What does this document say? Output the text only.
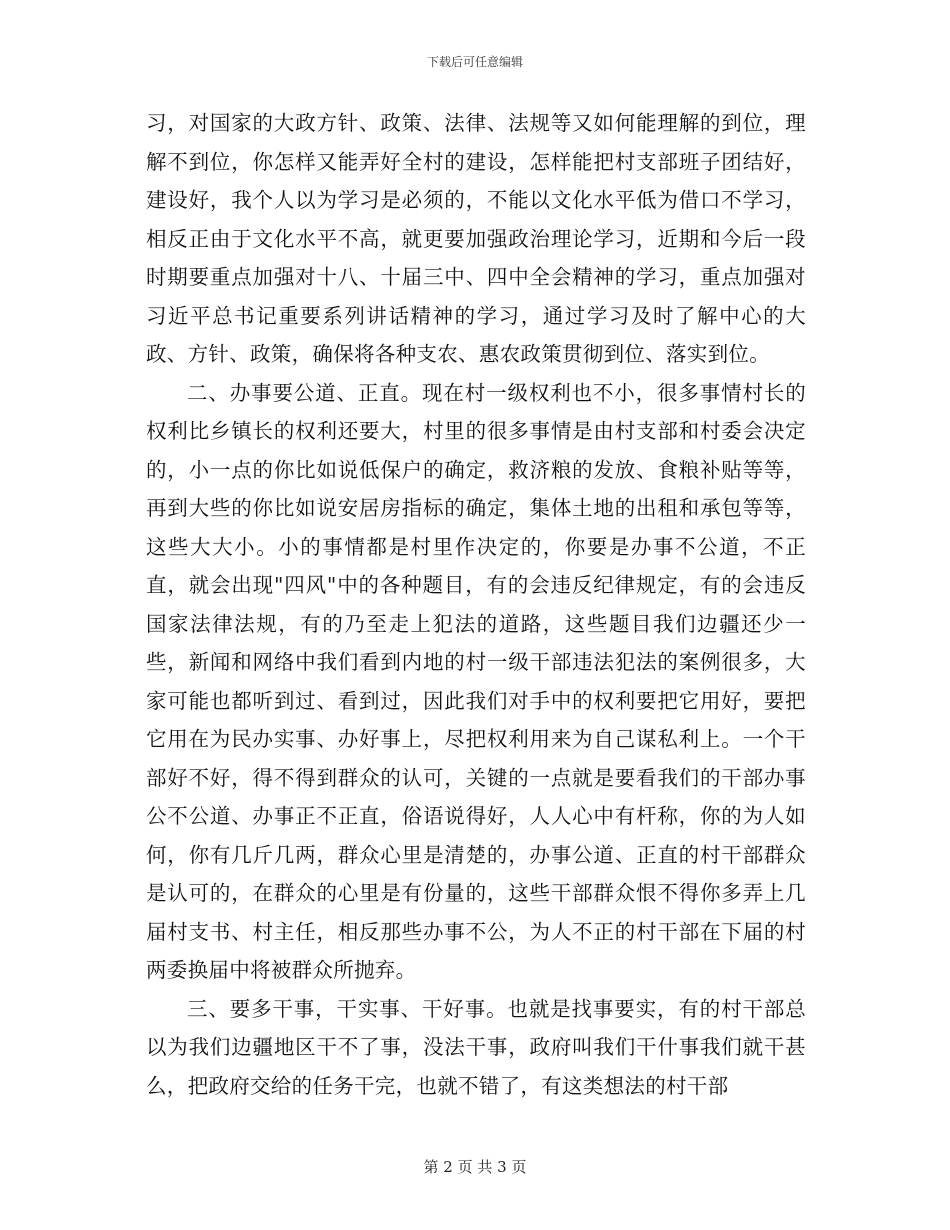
下载后可任意编辑

习，对国家的大政方针、政策、法律、法规等又如何能理解的到位，理解不到位，你怎样又能弄好全村的建设，怎样能把村支部班子团结好，建设好，我个人以为学习是必须的，不能以文化水平低为借口不学习，相反正由于文化水平不高，就更要加强政治理论学习，近期和今后一段时期要重点加强对十八、十届三中、四中全会精神的学习，重点加强对习近平总书记重要系列讲话精神的学习，通过学习及时了解中心的大政、方针、政策，确保将各种支农、惠农政策贯彻到位、落实到位。

二、办事要公道、正直。现在村一级权利也不小，很多事情村长的权利比乡镇长的权利还要大，村里的很多事情是由村支部和村委会决定的，小一点的你比如说低保户的确定，救济粮的发放、食粮补贴等等，再到大些的你比如说安居房指标的确定，集体土地的出租和承包等等，这些大大小。小的事情都是村里作决定的，你要是办事不公道，不正直，就会出现"四风"中的各种题目，有的会违反纪律规定，有的会违反国家法律法规，有的乃至走上犯法的道路，这些题目我们边疆还少一些，新闻和网络中我们看到内地的村一级干部违法犯法的案例很多，大家可能也都听到过、看到过，因此我们对手中的权利要把它用好，要把它用在为民办实事、办好事上，尽把权利用来为自己谋私利上。一个干部好不好，得不得到群众的认可，关键的一点就是要看我们的干部办事公不公道、办事正不正直，俗语说得好，人人心中有杆称，你的为人如何，你有几斤几两，群众心里是清楚的，办事公道、正直的村干部群众是认可的，在群众的心里是有份量的，这些干部群众恨不得你多弄上几届村支书、村主任，相反那些办事不公，为人不正的村干部在下届的村两委换届中将被群众所抛弃。

三、要多干事，干实事、干好事。也就是找事要实，有的村干部总以为我们边疆地区干不了事，没法干事，政府叫我们干什事我们就干甚么，把政府交给的任务干完，也就不错了，有这类想法的村干部

第 2 页 共 3 页
